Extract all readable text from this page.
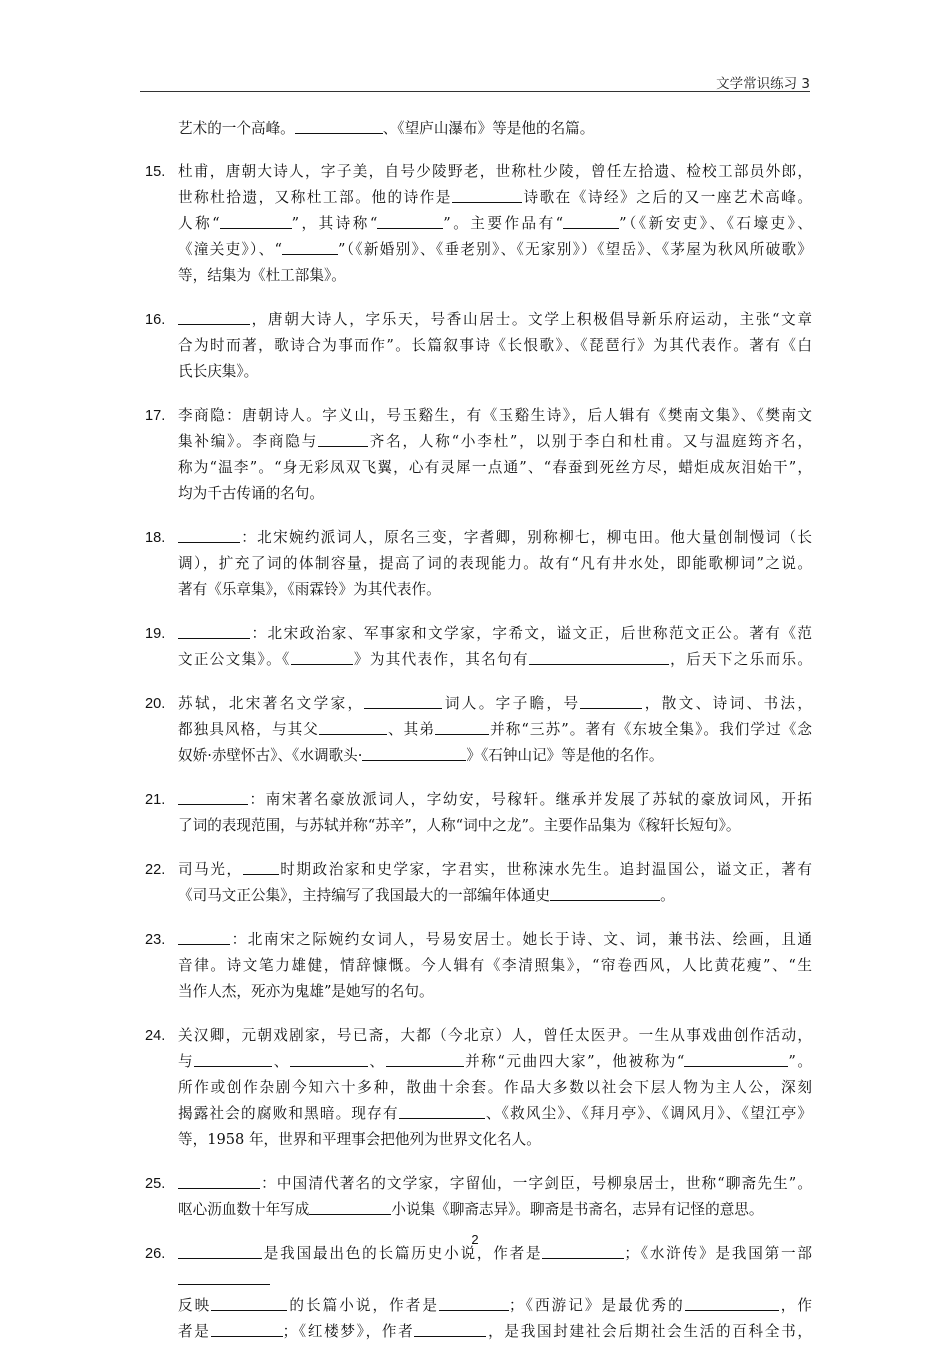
文学常识练习 3
艺术的一个高峰。	、《望庐山瀑布》等是他的名篇。
15. 杜甫，唐朝大诗人，字子美，自号少陵野老，世称杜少陵，曾任左拾遗、检校工部员外郎，
世称杜拾遗，又称杜工部。他的诗作是	诗歌在《诗经》之后的又一座艺术高峰。
人称“	”，其诗称“	”。主要作品有“	”（《新安吏》、《石壕吏》、
《潼关吏》）、“	”（《新婚别》、《垂老别》、《无家别》）《望岳》、《茅屋为秋风所破歌》
等，结集为《杜工部集》。
16.	，唐朝大诗人，字乐天，号香山居士。文学上积极倡导新乐府运动，主张“文章
合为时而著，歌诗合为事而作”。长篇叙事诗《长恨歌》、《琵琶行》为其代表作。著有《白
氏长庆集》。
17. 李商隐：唐朝诗人。字义山，号玉谿生，有《玉谿生诗》，后人辑有《樊南文集》、《樊南文
集补编》。李商隐与	齐名，人称“小李杜”，以别于李白和杜甫。又与温庭筠齐名，
称为“温李”。“身无彩凤双飞翼，心有灵犀一点通”、“春蚕到死丝方尽，蜡炬成灰泪始干”，
均为千古传诵的名句。
18.	：北宋婉约派词人，原名三变，字耆卿，别称柳七，柳屯田。他大量创制慢词（长
调），扩充了词的体制容量，提高了词的表现能力。故有“凡有井水处，即能歌柳词”之说。
著有《乐章集》，《雨霖铃》为其代表作。
19.	：北宋政治家、军事家和文学家，字希文，谥文正，后世称范文正公。著有《范
文正公文集》。《	》为其代表作，其名句有	，后天下之乐而乐。
20. 苏轼，北宋著名文学家，	词人。字子瞻，号	，散文、诗词、书法，
都独具风格，与其父	、其弟	并称“三苏”。著有《东坡全集》。我们学过《念
奴娇·赤壁怀古》、《水调歌头·	》《石钟山记》等是他的名作。
21.	：南宋著名豪放派词人，字幼安，号稼轩。继承并发展了苏轼的豪放词风，开拓
了词的表现范围，与苏轼并称“苏辛”，人称“词中之龙”。主要作品集为《稼轩长短句》。
22. 司马光， 时期政治家和史学家，字君实，世称涑水先生。追封温国公，谥文正，著有
《司马文正公集》，主持编写了我国最大的一部编年体通史	。
23.	：北南宋之际婉约女词人，号易安居士。她长于诗、文、词，兼书法、绘画，且通
音律。诗文笔力雄健，情辞慷慨。今人辑有《李清照集》，“帘卷西风，人比黄花瘦”、“生
当作人杰，死亦为鬼雄”是她写的名句。
24. 关汉卿，元朝戏剧家，号已斋，大都（今北京）人，曾任太医尹。一生从事戏曲创作活动，
与	、	、	并称“元曲四大家”，他被称为“	”。
所作或创作杂剧今知六十多种，散曲十余套。作品大多数以社会下层人物为主人公，深刻
揭露社会的腐败和黑暗。现存有	、《救风尘》、《拜月亭》、《调风月》、《望江亭》
等，1958 年，世界和平理事会把他列为世界文化名人。
25.	：中国清代著名的文学家，字留仙，一字剑臣，号柳泉居士，世称“聊斋先生”。
呕心沥血数十年写成	小说集《聊斋志异》。聊斋是书斋名，志异有记怪的意思。
26.	是我国最出色的长篇历史小说，作者是	；《水浒传》是我国第一部
反映	的长篇小说，作者是	；《西游记》是最优秀的	，作
者是	；《红楼梦》，作者	，是我国封建社会后期社会生活的百科全书，
2
